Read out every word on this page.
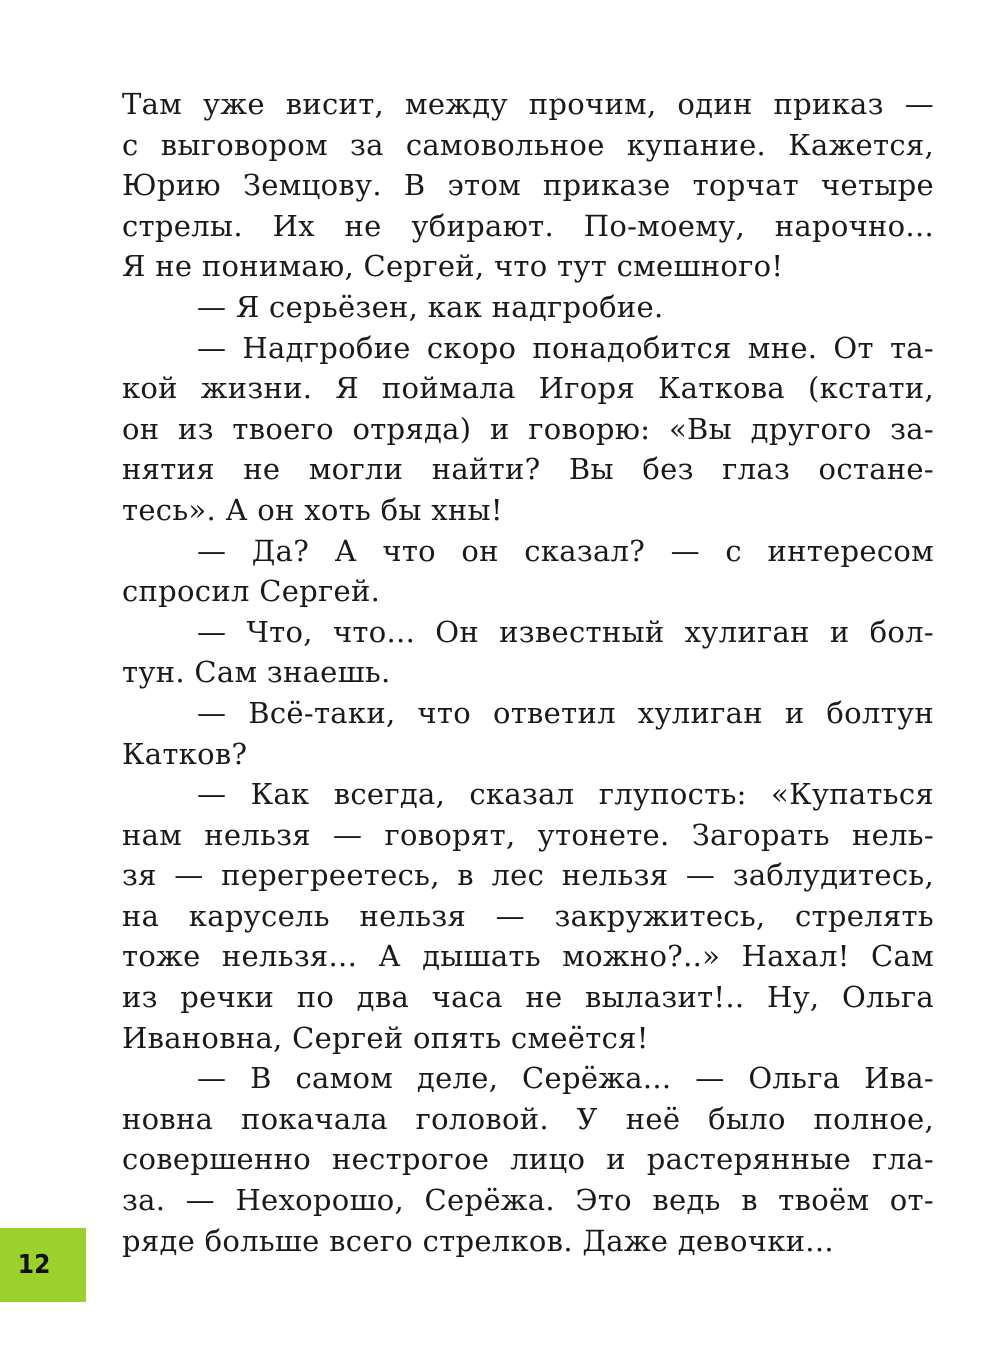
Там уже висит, между прочим, один приказ —
с выговором за самовольное купание. Кажется,
Юрию Земцову. В этом приказе торчат четыре
стрелы. Их не убирают. По-моему, нарочно...
Я не понимаю, Сергей, что тут смешного!
— Я серьёзен, как надгробие.
— Надгробие скоро понадобится мне. От та-
кой жизни. Я поймала Игоря Каткова (кстати,
он из твоего отряда) и говорю: «Вы другого за-
нятия не могли найти? Вы без глаз останe-
тесь». А он хоть бы хны!
— Да? А что он сказал? — с интересом
спросил Сергей.
— Что, что... Он известный хулиган и бол-
тун. Сам знаешь.
— Всё-таки, что ответил хулиган и болтун
Катков?
— Как всегда, сказал глупость: «Купаться
нам нельзя — говорят, утонете. Загорать нель-
зя — перегреетесь, в лес нельзя — заблудитесь,
на карусель нельзя — закружитесь, стрелять
тоже нельзя... А дышать можно?..» Нахал! Сам
из речки по два часа не вылазит!.. Ну, Ольга
Ивановна, Сергей опять смеётся!
— В самом деле, Серёжа... — Ольга Ива-
новна покачала головой. У неё было полное,
совершенно нестрогое лицо и растерянные гла-
за. — Нехорошо, Серёжа. Это ведь в твоём от-
ряде больше всего стрелков. Даже девочки...
12
